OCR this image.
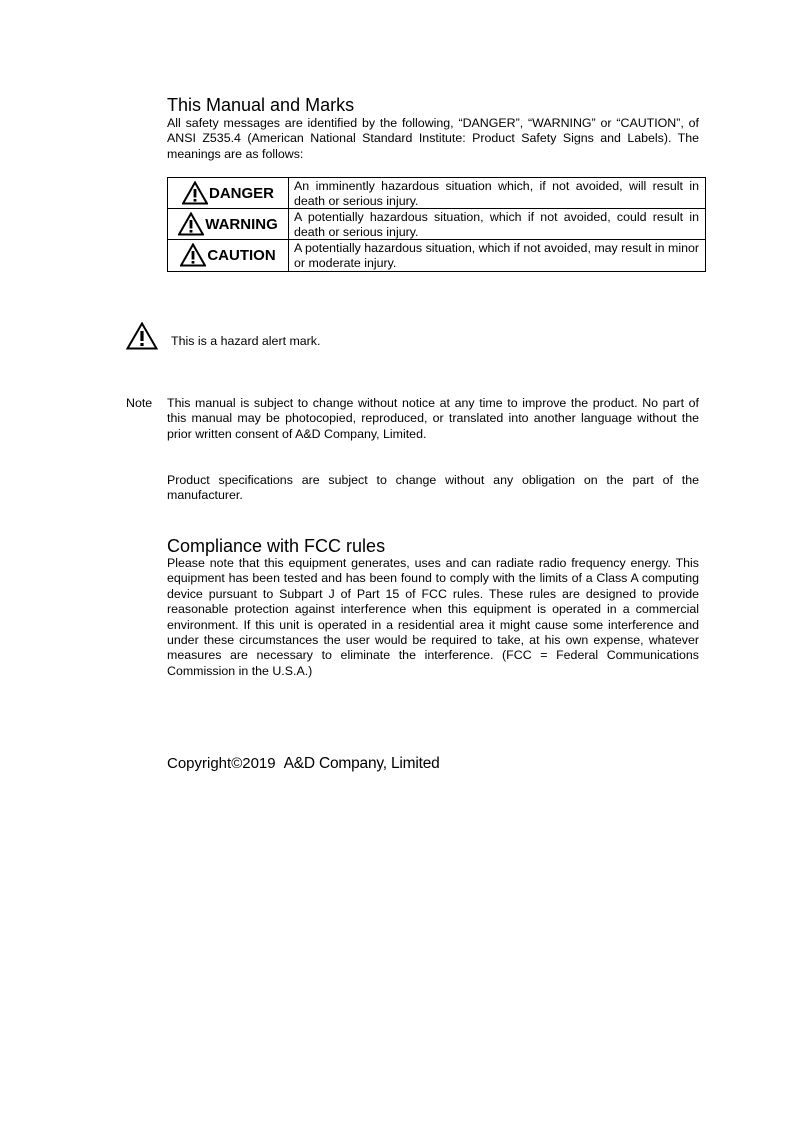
This Manual and Marks

All safety messages are identified by the following, “DANGER”, “WARNING” or “CAUTION”, of ANSI Z535.4 (American National Standard Institute: Product Safety Signs and Labels). The meanings are as follows:

DANGER	An imminently hazardous situation which, if not avoided, will result in death or serious injury.

WARNING	A potentially hazardous situation, which if not avoided, could result in death or serious injury.

CAUTION	A potentially hazardous situation, which if not avoided, may result in minor or moderate injury.

This is a hazard alert mark.

Note This manual is subject to change without notice at any time to improve the product. No part of this manual may be photocopied, reproduced, or translated into another language without the prior written consent of A&D Company, Limited.

Product specifications are subject to change without any obligation on the part of the manufacturer.

Compliance with FCC rules

Please note that this equipment generates, uses and can radiate radio frequency energy. This equipment has been tested and has been found to comply with the limits of a Class A computing device pursuant to Subpart J of Part 15 of FCC rules. These rules are designed to provide reasonable protection against interference when this equipment is operated in a commercial environment. If this unit is operated in a residential area it might cause some interference and under these circumstances the user would be required to take, at his own expense, whatever measures are necessary to eliminate the interference. (FCC = Federal Communications Commission in the U.S.A.)

Copyright©2019 A&D Company, Limited
